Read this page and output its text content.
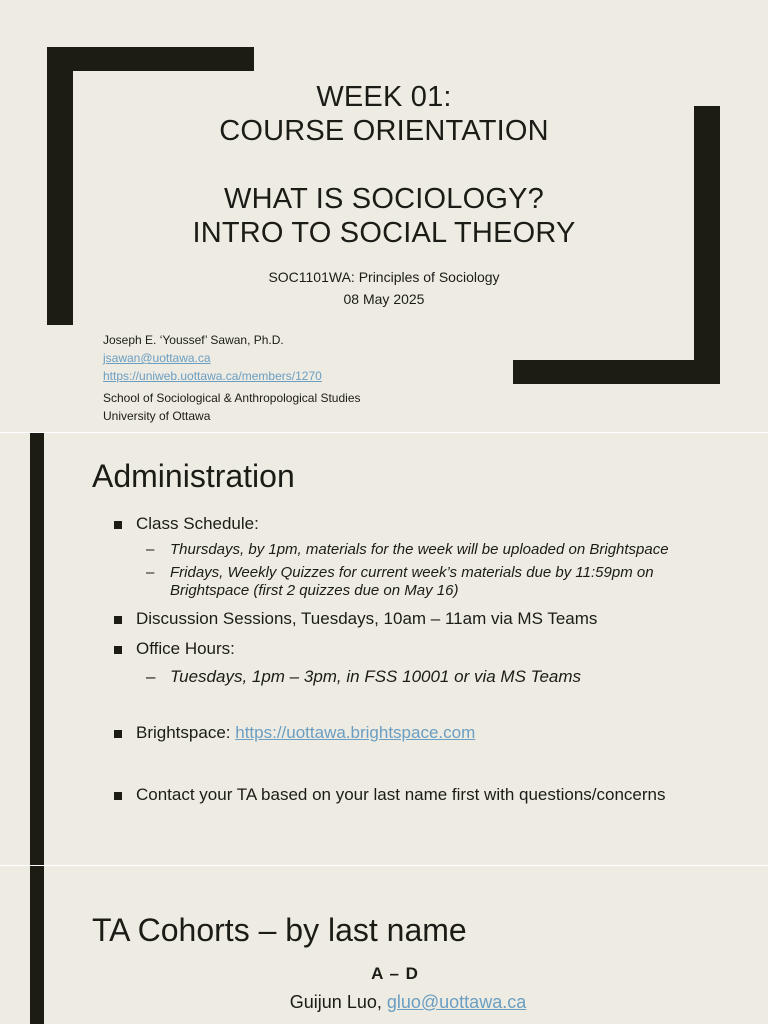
WEEK 01:
COURSE ORIENTATION
WHAT IS SOCIOLOGY?
INTRO TO SOCIAL THEORY
SOC1101WA: Principles of Sociology
08 May 2025
Joseph E. ‘Youssef’ Sawan, Ph.D.
jsawan@uottawa.ca
https://uniweb.uottawa.ca/members/1270
School of Sociological & Anthropological Studies
University of Ottawa
Administration
Class Schedule:
– Thursdays, by 1pm, materials for the week will be uploaded on Brightspace
– Fridays, Weekly Quizzes for current week’s materials due by 11:59pm on Brightspace (first 2 quizzes due on May 16)
Discussion Sessions, Tuesdays, 10am – 11am via MS Teams
Office Hours:
– Tuesdays, 1pm – 3pm, in FSS 10001 or via MS Teams
Brightspace: https://uottawa.brightspace.com
Contact your TA based on your last name first with questions/concerns
TA Cohorts – by last name
A – D
Guijun Luo, gluo@uottawa.ca
